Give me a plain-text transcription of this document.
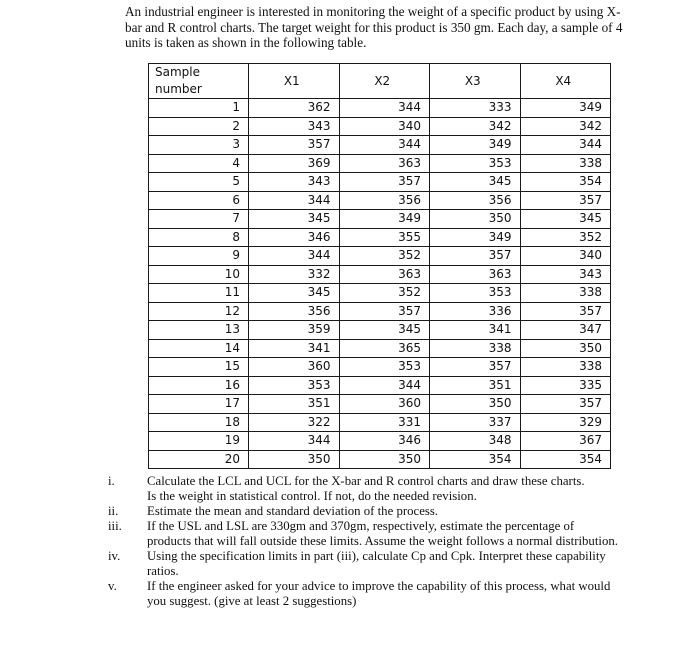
An industrial engineer is interested in monitoring the weight of a specific product by using X-bar and R control charts. The target weight for this product is 350 gm. Each day, a sample of 4 units is taken as shown in the following table.
Sample number	X1	X2	X3	X4
1	362	344	333	349
2	343	340	342	342
3	357	344	349	344
4	369	363	353	338
5	343	357	345	354
6	344	356	356	357
7	345	349	350	345
8	346	355	349	352
9	344	352	357	340
10	332	363	363	343
11	345	352	353	338
12	356	357	336	357
13	359	345	341	347
14	341	365	338	350
15	360	353	357	338
16	353	344	351	335
17	351	360	350	357
18	322	331	337	329
19	344	346	348	367
20	350	350	354	354
i.	Calculate the LCL and UCL for the X-bar and R control charts and draw these charts.
Is the weight in statistical control. If not, do the needed revision.
ii.	Estimate the mean and standard deviation of the process.
iii.	If the USL and LSL are 330gm and 370gm, respectively, estimate the percentage of products that will fall outside these limits. Assume the weight follows a normal distribution.
iv.	Using the specification limits in part (iii), calculate Cp and Cpk. Interpret these capability ratios.
v.	If the engineer asked for your advice to improve the capability of this process, what would you suggest. (give at least 2 suggestions)
